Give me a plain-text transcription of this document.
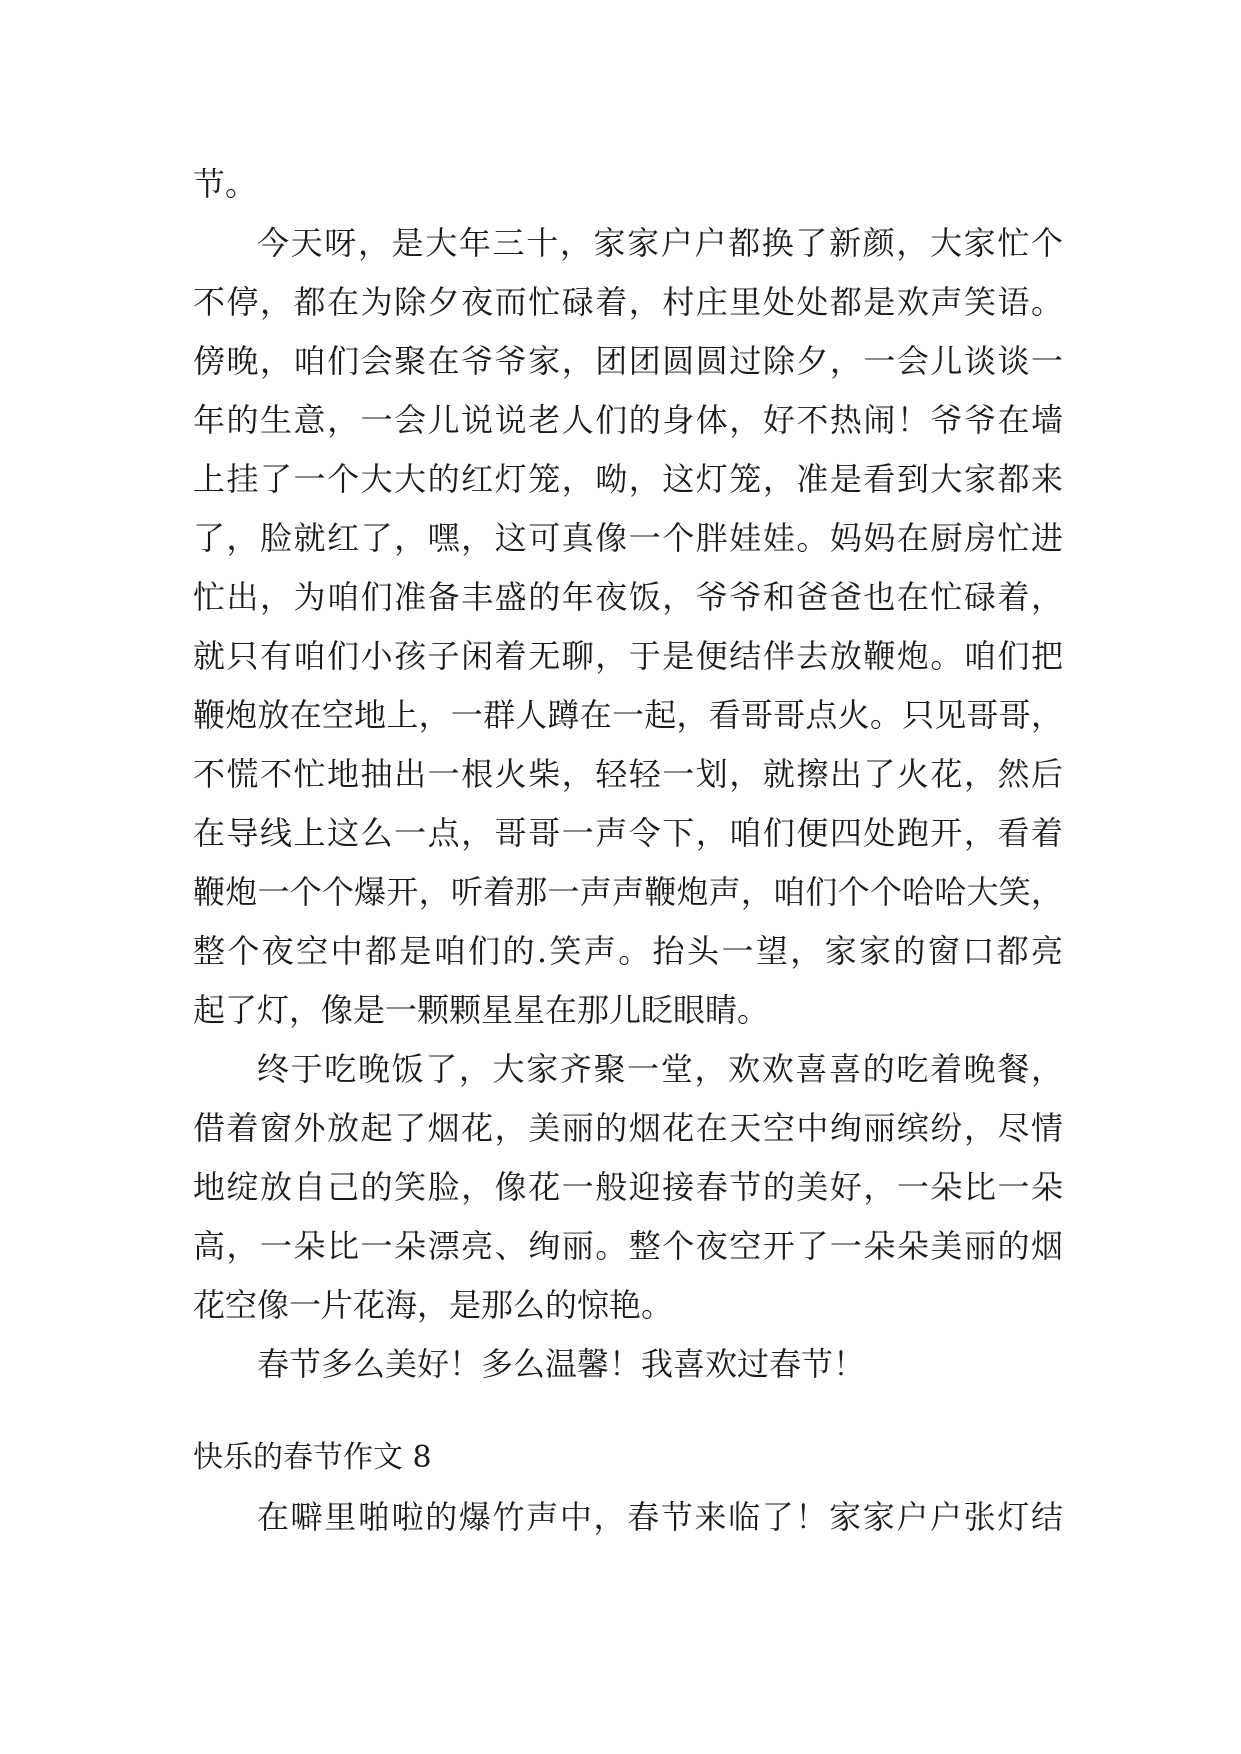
节。
今天呀，是大年三十，家家户户都换了新颜，大家忙个
不停，都在为除夕夜而忙碌着，村庄里处处都是欢声笑语。
傍晚，咱们会聚在爷爷家，团团圆圆过除夕，一会儿谈谈一
年的生意，一会儿说说老人们的身体，好不热闹！爷爷在墙
上挂了一个大大的红灯笼，呦，这灯笼，准是看到大家都来
了，脸就红了，嘿，这可真像一个胖娃娃。妈妈在厨房忙进
忙出，为咱们准备丰盛的年夜饭，爷爷和爸爸也在忙碌着，
就只有咱们小孩子闲着无聊，于是便结伴去放鞭炮。咱们把
鞭炮放在空地上，一群人蹲在一起，看哥哥点火。只见哥哥，
不慌不忙地抽出一根火柴，轻轻一划，就擦出了火花，然后
在导线上这么一点，哥哥一声令下，咱们便四处跑开，看着
鞭炮一个个爆开，听着那一声声鞭炮声，咱们个个哈哈大笑，
整个夜空中都是咱们的.笑声。抬头一望，家家的窗口都亮
起了灯，像是一颗颗星星在那儿眨眼睛。
终于吃晚饭了，大家齐聚一堂，欢欢喜喜的吃着晚餐，
借着窗外放起了烟花，美丽的烟花在天空中绚丽缤纷，尽情
地绽放自己的笑脸，像花一般迎接春节的美好，一朵比一朵
高，一朵比一朵漂亮、绚丽。整个夜空开了一朵朵美丽的烟
花空像一片花海，是那么的惊艳。
春节多么美好！多么温馨！我喜欢过春节！
快乐的春节作文 8
在噼里啪啦的爆竹声中，春节来临了！家家户户张灯结
